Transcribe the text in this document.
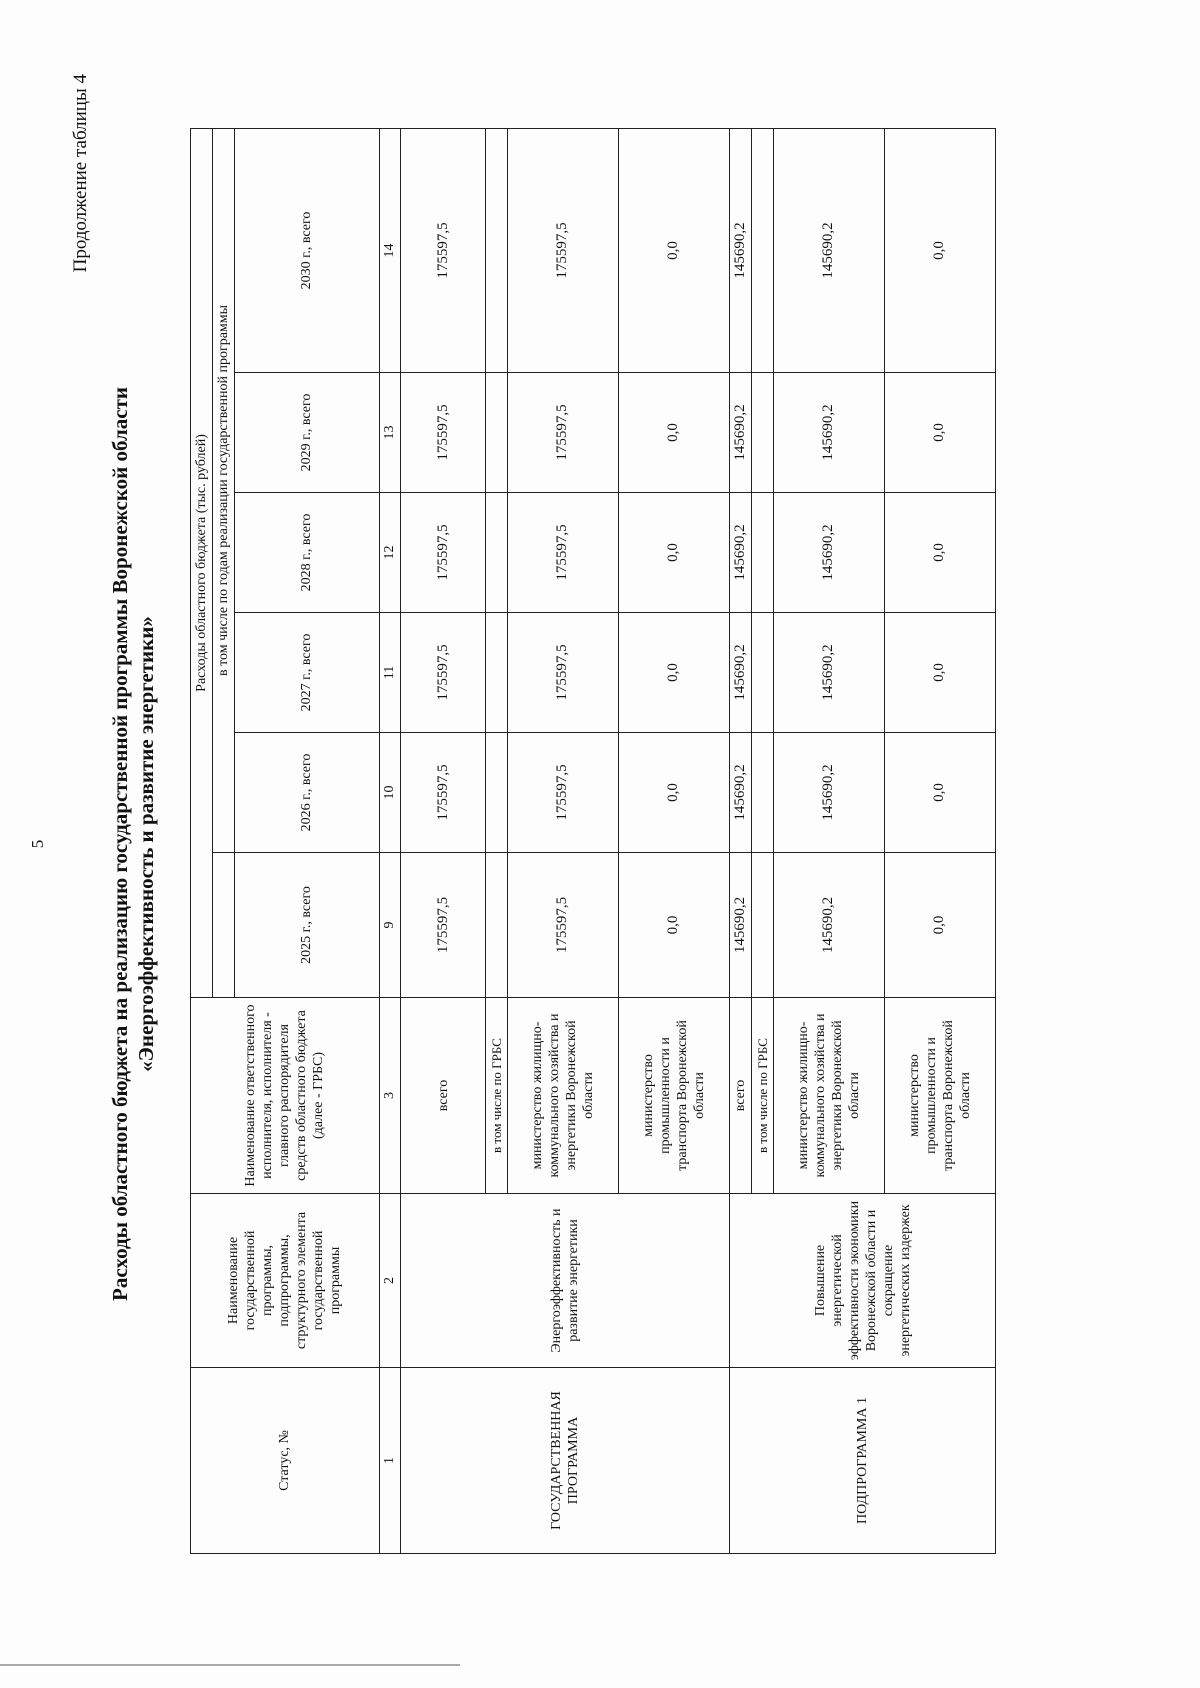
5
Продолжение таблицы 4
Расходы областного бюджета на реализацию государственной программы Воронежской области «Энергоэффективность и развитие энергетики»
Статус, №	Наименование государственной программы, подпрограммы, структурного элемента государственной программы	Наименование ответственного исполнителя, исполнителя - главного распорядителя средств областного бюджета (далее - ГРБС)	Расходы областного бюджета (тыс. рублей)					
				в том числе по годам реализации государственной программы				
			2025 г., всего	2026 г., всего	2027 г., всего	2028 г., всего	2029 г., всего	2030 г., всего
1	2	3	9	10	11	12	13	14
ГОСУДАРСТВЕННАЯ ПРОГРАММА	Энергоэффективность и развитие энергетики	всего	175597,5	175597,5	175597,5	175597,5	175597,5	175597,5
		в том числе по ГРБС						
		министерство жилищно-коммунального хозяйства и энергетики Воронежской области	175597,5	175597,5	175597,5	175597,5	175597,5	175597,5
		министерство промышленности и транспорта Воронежской области	0,0	0,0	0,0	0,0	0,0	0,0
ПОДПРОГРАММА 1	Повышение энергетической эффективности экономики Воронежской области и сокращение энергетических издержек	всего	145690,2	145690,2	145690,2	145690,2	145690,2	145690,2
		в том числе по ГРБС						
		министерство жилищно-коммунального хозяйства и энергетики Воронежской области	145690,2	145690,2	145690,2	145690,2	145690,2	145690,2
		министерство промышленности и транспорта Воронежской области	0,0	0,0	0,0	0,0	0,0	0,0
